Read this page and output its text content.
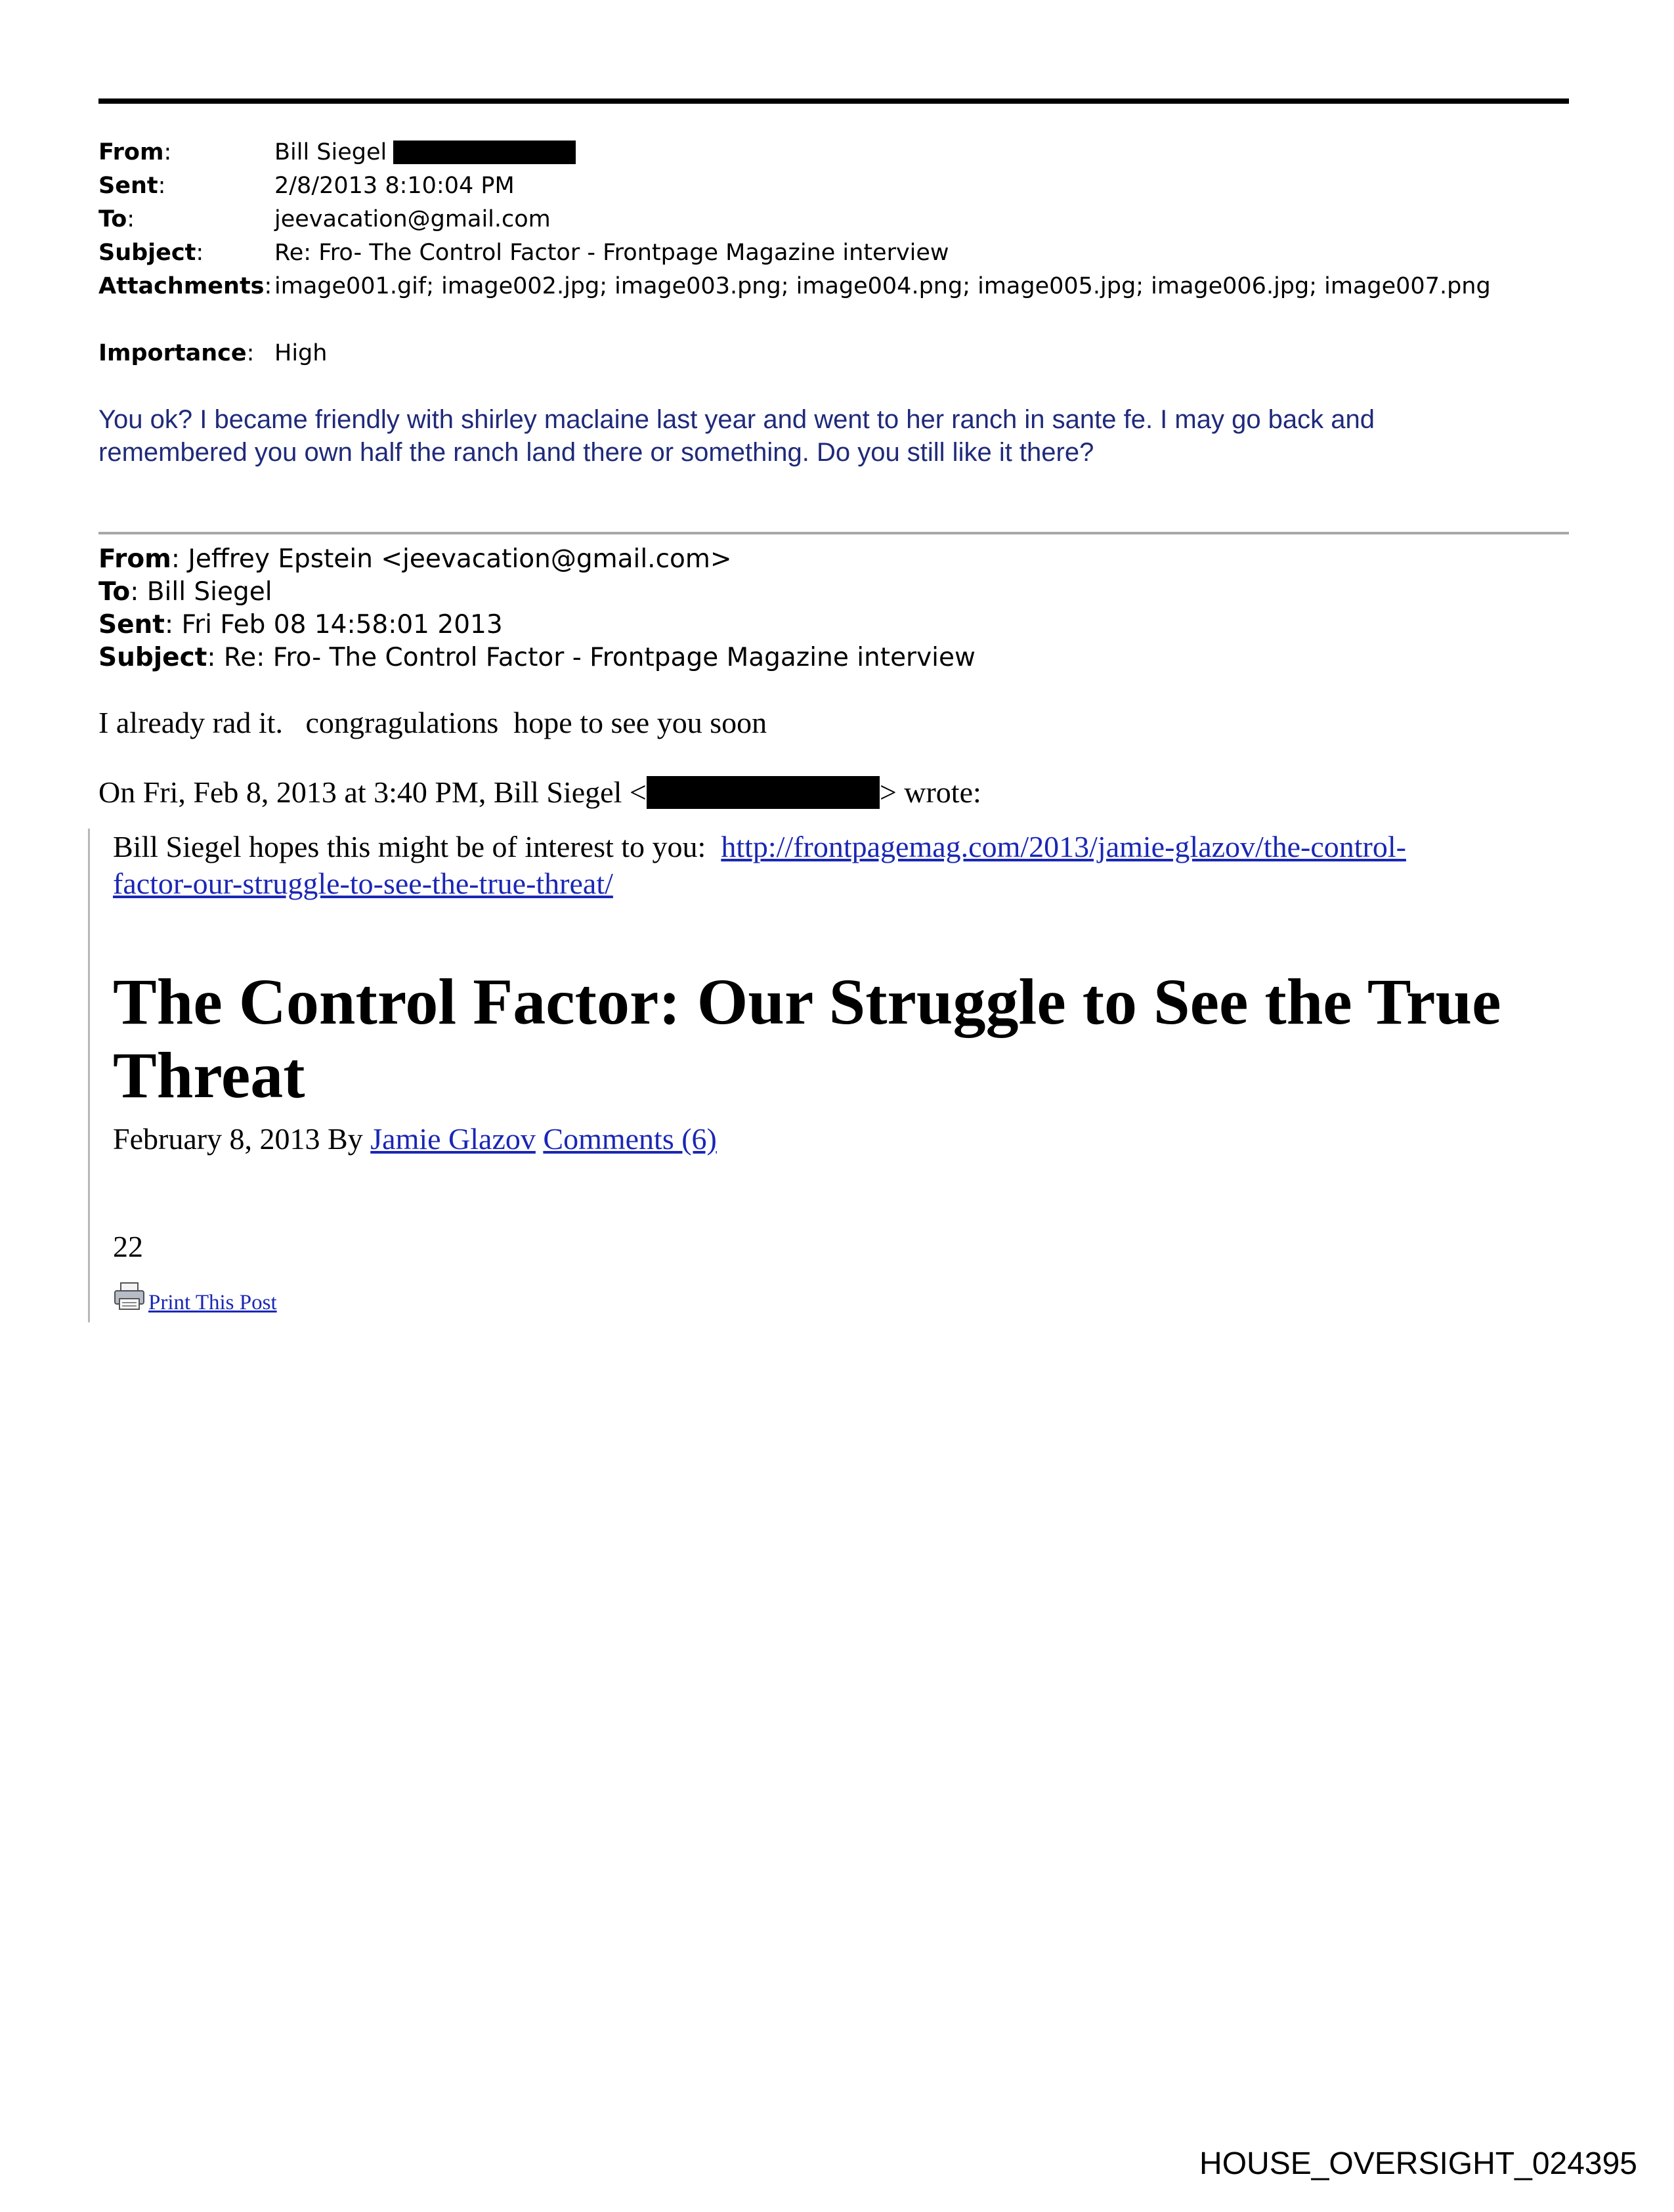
From:	Bill Siegel
Sent:	2/8/2013 8:10:04 PM
To:	jeevacation@gmail.com
Subject:	Re: Fro- The Control Factor - Frontpage Magazine interview
Attachments: image001.gif; image002.jpg; image003.png; image004.png; image005.jpg; image006.jpg; image007.png
Importance: High
You ok? I became friendly with shirley maclaine last year and went to her ranch in sante fe. I may go back and
remembered you own half the ranch land there or something. Do you still like it there?
From : Jeffrey Epstein <jeevacation@gmail.com>
To : Bill Siegel
Sent : Fri Feb 08 14:58:01 2013
Subject : Re: Fro- The Control Factor - Frontpage Magazine interview
I already rad it.   congragulations  hope to see you soon
On Fri, Feb 8, 2013 at 3:40 PM, Bill Siegel <	> wrote:
Bill Siegel hopes this might be of interest to you: http://frontpagemag.com/2013/jamie-glazov/the-control-
factor-our-struggle-to-see-the-true-threat/
The Control Factor: Our Struggle to See the True
Threat
February 8, 2013 By Jamie Glazov Comments (6)
22
Print This Post
HOUSE_OVERSIGHT_024395
